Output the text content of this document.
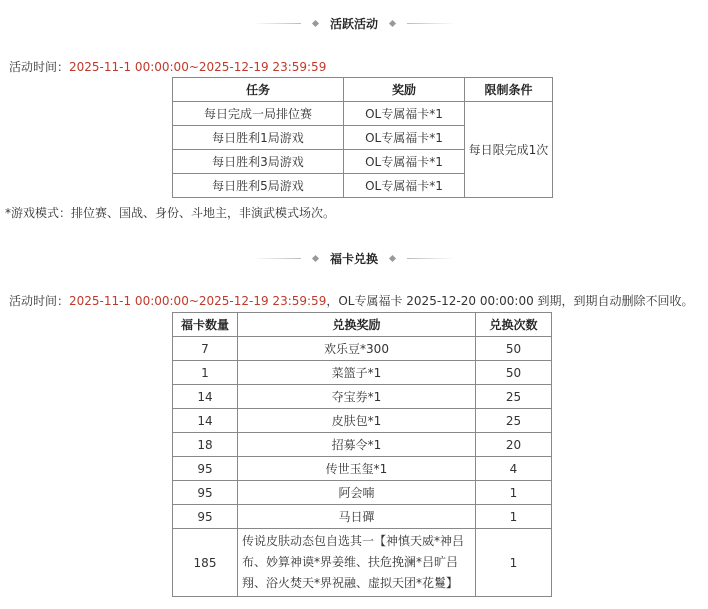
活跃活动
活动时间：2025-11-1 00:00:00~2025-12-19 23:59:59
任务	奖励	限制条件
每日完成一局排位赛	OL专属福卡*1	每日限完成1次
每日胜利1局游戏	OL专属福卡*1	
每日胜利3局游戏	OL专属福卡*1	
每日胜利5局游戏	OL专属福卡*1	
*游戏模式：排位赛、国战、身份、斗地主，非演武模式场次。
福卡兑换
活动时间：2025-11-1 00:00:00~2025-12-19 23:59:59，OL专属福卡 2025-12-20 00:00:00 到期，到期自动删除不回收。
福卡数量	兑换奖励	兑换次数
7	欢乐豆*300	50
1	菜篮子*1	50
14	夺宝券*1	25
14	皮肤包*1	25
18	招募令*1	20
95	传世玉玺*1	4
95	阿会喃	1
95	马日磾	1
185	传说皮肤动态包自选其一【神慎天威*神吕布、妙算神谟*界姜维、扶危挽澜*吕旷吕翔、浴火焚天*界祝融、虚拟天团*花鬘】	1
